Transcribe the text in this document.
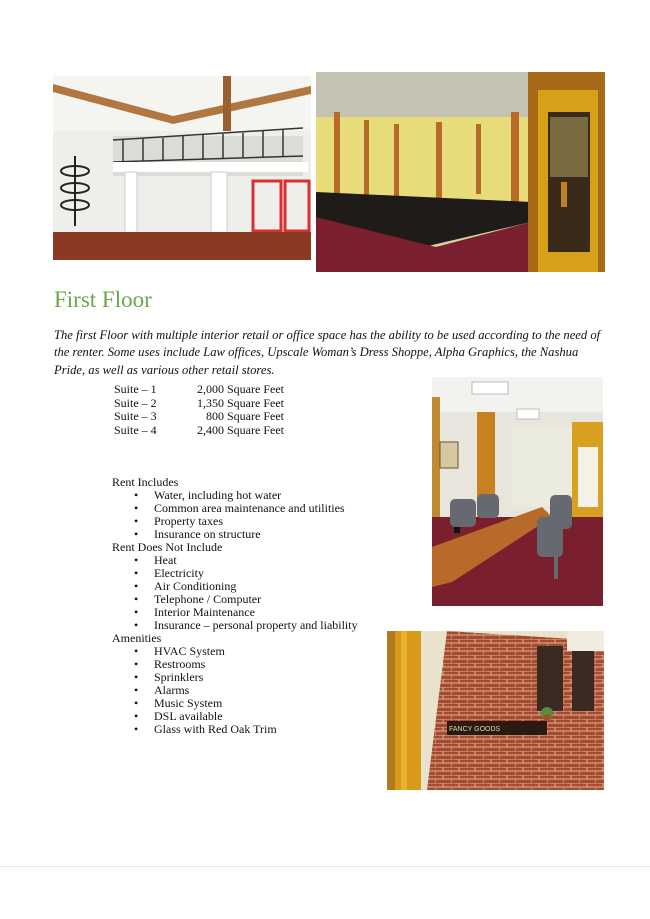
First Floor

The first Floor with multiple interior retail or office space has the ability to be used according to the need of the renter. Some uses include Law offices, Upscale Woman’s Dress Shoppe, Alpha Graphics, the Nashua Pride, as well as various other retail stores.

Suite – 1	2,000 Square Feet
Suite – 2	1,350 Square Feet
Suite – 3	800 Square Feet
Suite – 4	2,400 Square Feet
Rent Includes
• Water, including hot water
• Common area maintenance and utilities
• Property taxes
• Insurance on structure
Rent Does Not Include
• Heat
• Electricity
• Air Conditioning
• Telephone / Computer
• Interior Maintenance
• Insurance – personal property and liability
Amenities
• HVAC System
• Restrooms
• Sprinklers
• Alarms
• Music System
• DSL available
• Glass with Red Oak Trim	FANCY GOODS
